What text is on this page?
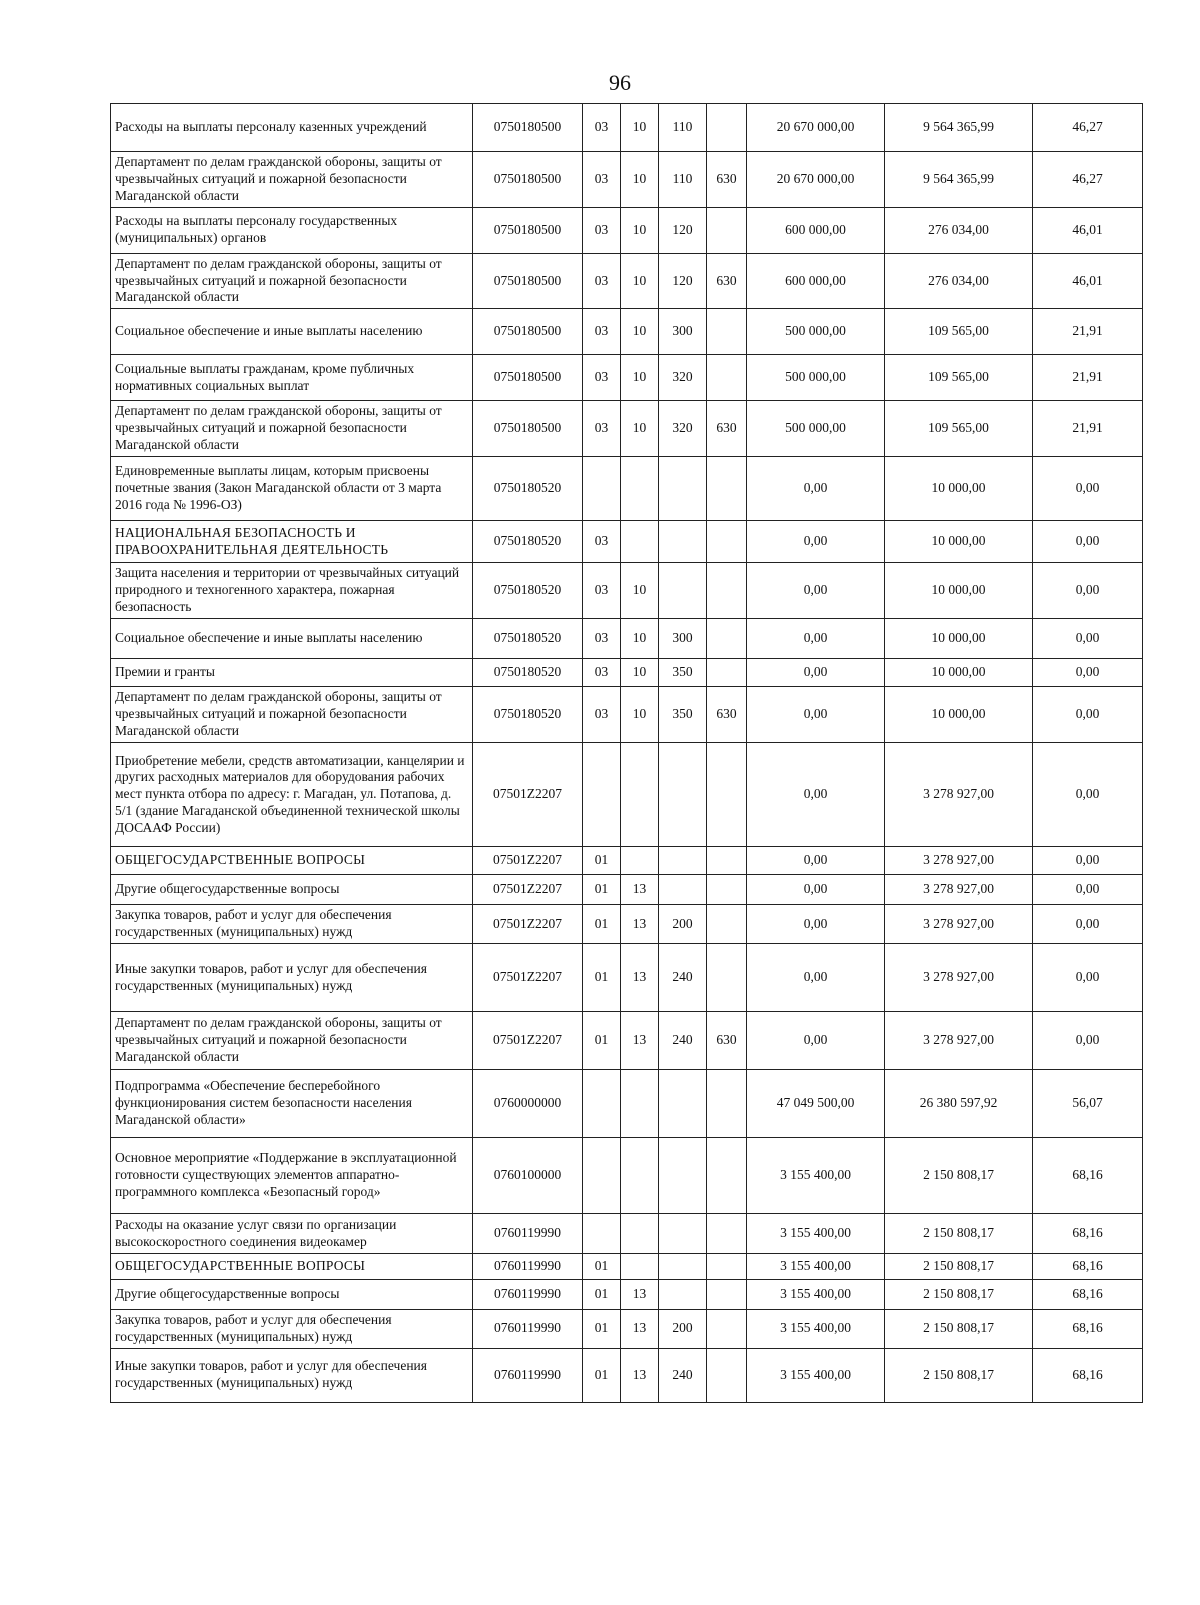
96
Расходы на выплаты персоналу казенных учреждений	0750180500	03	10	110		20 670 000,00	9 564 365,99	46,27
Департамент по делам гражданской обороны, защиты от чрезвычайных ситуаций и пожарной безопасности Магаданской области	0750180500	03	10	110	630	20 670 000,00	9 564 365,99	46,27
Расходы на выплаты персоналу государственных (муниципальных) органов	0750180500	03	10	120		600 000,00	276 034,00	46,01
Департамент по делам гражданской обороны, защиты от чрезвычайных ситуаций и пожарной безопасности Магаданской области	0750180500	03	10	120	630	600 000,00	276 034,00	46,01
Социальное обеспечение и иные выплаты населению	0750180500	03	10	300		500 000,00	109 565,00	21,91
Социальные выплаты гражданам, кроме публичных нормативных социальных выплат	0750180500	03	10	320		500 000,00	109 565,00	21,91
Департамент по делам гражданской обороны, защиты от чрезвычайных ситуаций и пожарной безопасности Магаданской области	0750180500	03	10	320	630	500 000,00	109 565,00	21,91
Единовременные выплаты лицам, которым присвоены почетные звания (Закон Магаданской области от 3 марта 2016 года № 1996-ОЗ)	0750180520					0,00	10 000,00	0,00
НАЦИОНАЛЬНАЯ БЕЗОПАСНОСТЬ И ПРАВООХРАНИТЕЛЬНАЯ ДЕЯТЕЛЬНОСТЬ	0750180520	03				0,00	10 000,00	0,00
Защита населения и территории от чрезвычайных ситуаций природного и техногенного характера, пожарная безопасность	0750180520	03	10			0,00	10 000,00	0,00
Социальное обеспечение и иные выплаты населению	0750180520	03	10	300		0,00	10 000,00	0,00
Премии и гранты	0750180520	03	10	350		0,00	10 000,00	0,00
Департамент по делам гражданской обороны, защиты от чрезвычайных ситуаций и пожарной безопасности Магаданской области	0750180520	03	10	350	630	0,00	10 000,00	0,00
Приобретение мебели, средств автоматизации, канцелярии и других расходных материалов для оборудования рабочих мест пункта отбора по адресу: г. Магадан, ул. Потапова, д. 5/1 (здание Магаданской объединенной технической школы ДОСААФ России)	07501Z2207					0,00	3 278 927,00	0,00
ОБЩЕГОСУДАРСТВЕННЫЕ ВОПРОСЫ	07501Z2207	01				0,00	3 278 927,00	0,00
Другие общегосударственные вопросы	07501Z2207	01	13			0,00	3 278 927,00	0,00
Закупка товаров, работ и услуг для обеспечения государственных (муниципальных) нужд	07501Z2207	01	13	200		0,00	3 278 927,00	0,00
Иные закупки товаров, работ и услуг для обеспечения государственных (муниципальных) нужд	07501Z2207	01	13	240		0,00	3 278 927,00	0,00
Департамент по делам гражданской обороны, защиты от чрезвычайных ситуаций и пожарной безопасности Магаданской области	07501Z2207	01	13	240	630	0,00	3 278 927,00	0,00
Подпрограмма «Обеспечение бесперебойного функционирования систем безопасности населения Магаданской области»	0760000000					47 049 500,00	26 380 597,92	56,07
Основное мероприятие «Поддержание в эксплуатационной готовности существующих элементов аппаратно-программного комплекса «Безопасный город»	0760100000					3 155 400,00	2 150 808,17	68,16
Расходы на оказание услуг связи по организации высокоскоростного соединения видеокамер	0760119990					3 155 400,00	2 150 808,17	68,16
ОБЩЕГОСУДАРСТВЕННЫЕ ВОПРОСЫ	0760119990	01				3 155 400,00	2 150 808,17	68,16
Другие общегосударственные вопросы	0760119990	01	13			3 155 400,00	2 150 808,17	68,16
Закупка товаров, работ и услуг для обеспечения государственных (муниципальных) нужд	0760119990	01	13	200		3 155 400,00	2 150 808,17	68,16
Иные закупки товаров, работ и услуг для обеспечения государственных (муниципальных) нужд	0760119990	01	13	240		3 155 400,00	2 150 808,17	68,16
